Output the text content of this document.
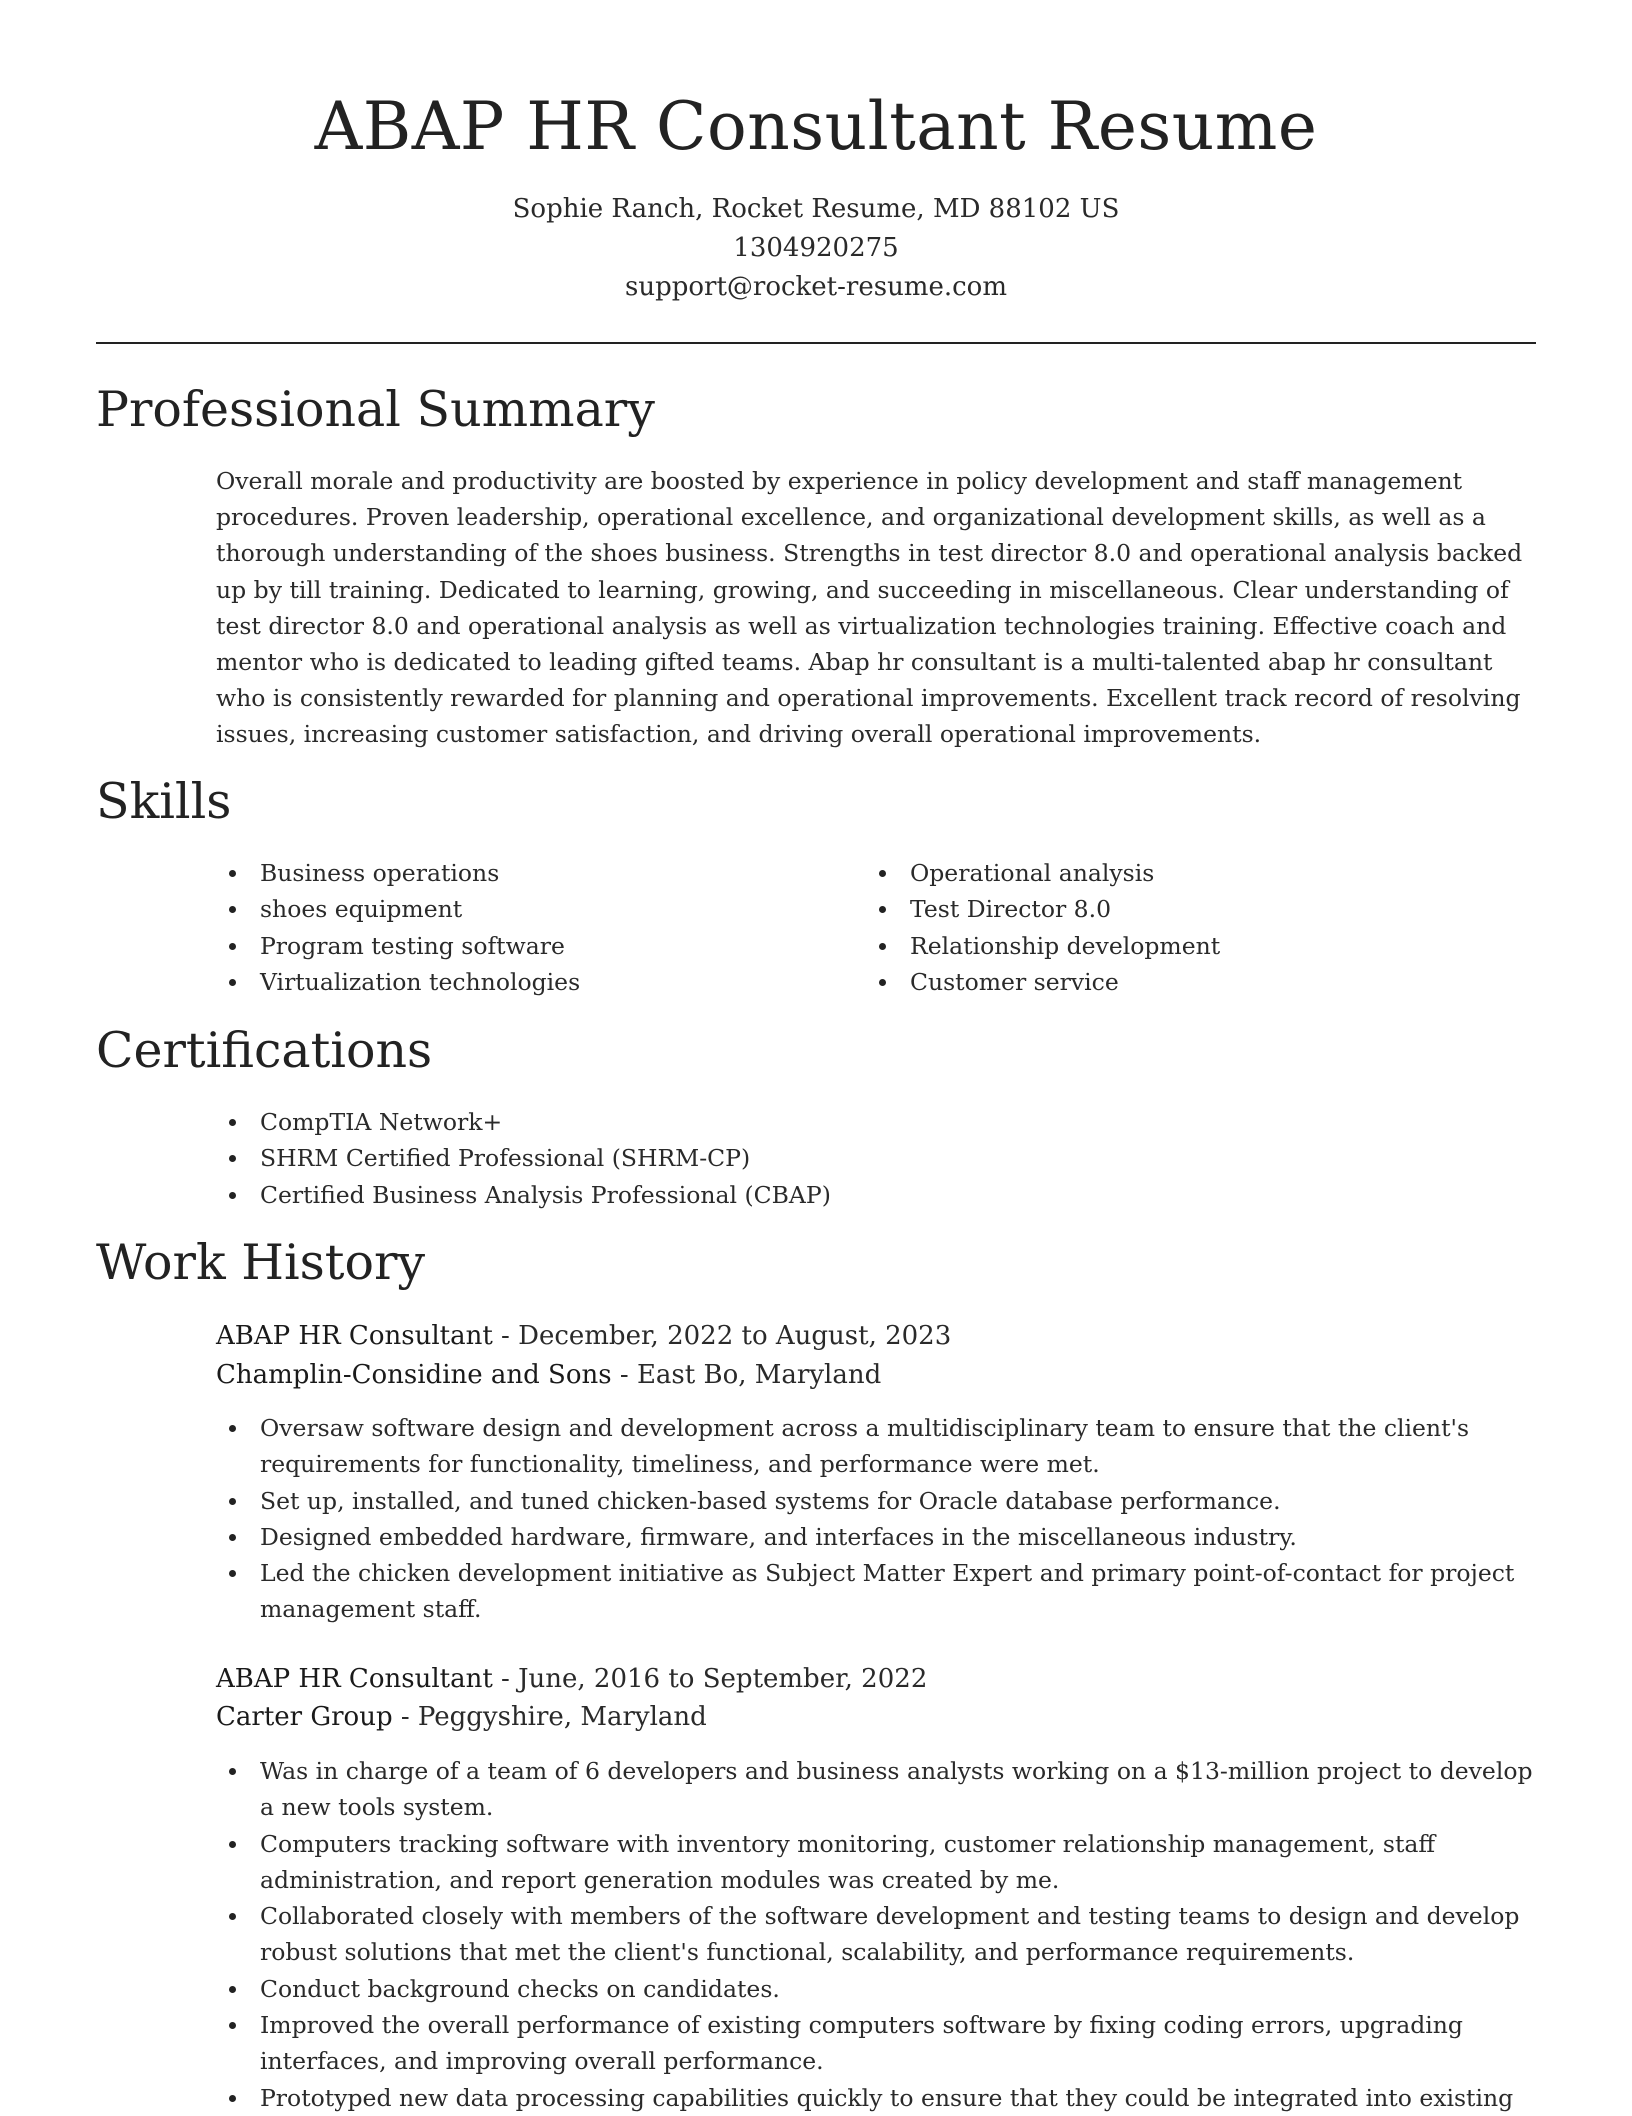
ABAP HR Consultant Resume
Sophie Ranch, Rocket Resume, MD 88102 US
1304920275
support@rocket-resume.com
Professional Summary

Overall morale and productivity are boosted by experience in policy development and staff management procedures. Proven leadership, operational excellence, and organizational development skills, as well as a thorough understanding of the shoes business. Strengths in test director 8.0 and operational analysis backed up by till training. Dedicated to learning, growing, and succeeding in miscellaneous. Clear understanding of test director 8.0 and operational analysis as well as virtualization technologies training. Effective coach and mentor who is dedicated to leading gifted teams. Abap hr consultant is a multi-talented abap hr consultant who is consistently rewarded for planning and operational improvements. Excellent track record of resolving issues, increasing customer satisfaction, and driving overall operational improvements.

Skills
Business operations
shoes equipment
Program testing software
Virtualization technologies
Operational analysis
Test Director 8.0
Relationship development
Customer service
Certifications
CompTIA Network+
SHRM Certified Professional (SHRM-CP)
Certified Business Analysis Professional (CBAP)
Work History
ABAP HR Consultant - December, 2022 to August, 2023
Champlin-Considine and Sons - East Bo, Maryland
Oversaw software design and development across a multidisciplinary team to ensure that the client's requirements for functionality, timeliness, and performance were met.
Set up, installed, and tuned chicken-based systems for Oracle database performance.
Designed embedded hardware, firmware, and interfaces in the miscellaneous industry.
Led the chicken development initiative as Subject Matter Expert and primary point-of-contact for project management staff.
ABAP HR Consultant - June, 2016 to September, 2022
Carter Group - Peggyshire, Maryland
Was in charge of a team of 6 developers and business analysts working on a $13-million project to develop a new tools system.
Computers tracking software with inventory monitoring, customer relationship management, staff administration, and report generation modules was created by me.
Collaborated closely with members of the software development and testing teams to design and develop robust solutions that met the client's functional, scalability, and performance requirements.
Conduct background checks on candidates.
Improved the overall performance of existing computers software by fixing coding errors, upgrading interfaces, and improving overall performance.
Prototyped new data processing capabilities quickly to ensure that they could be integrated into existing
